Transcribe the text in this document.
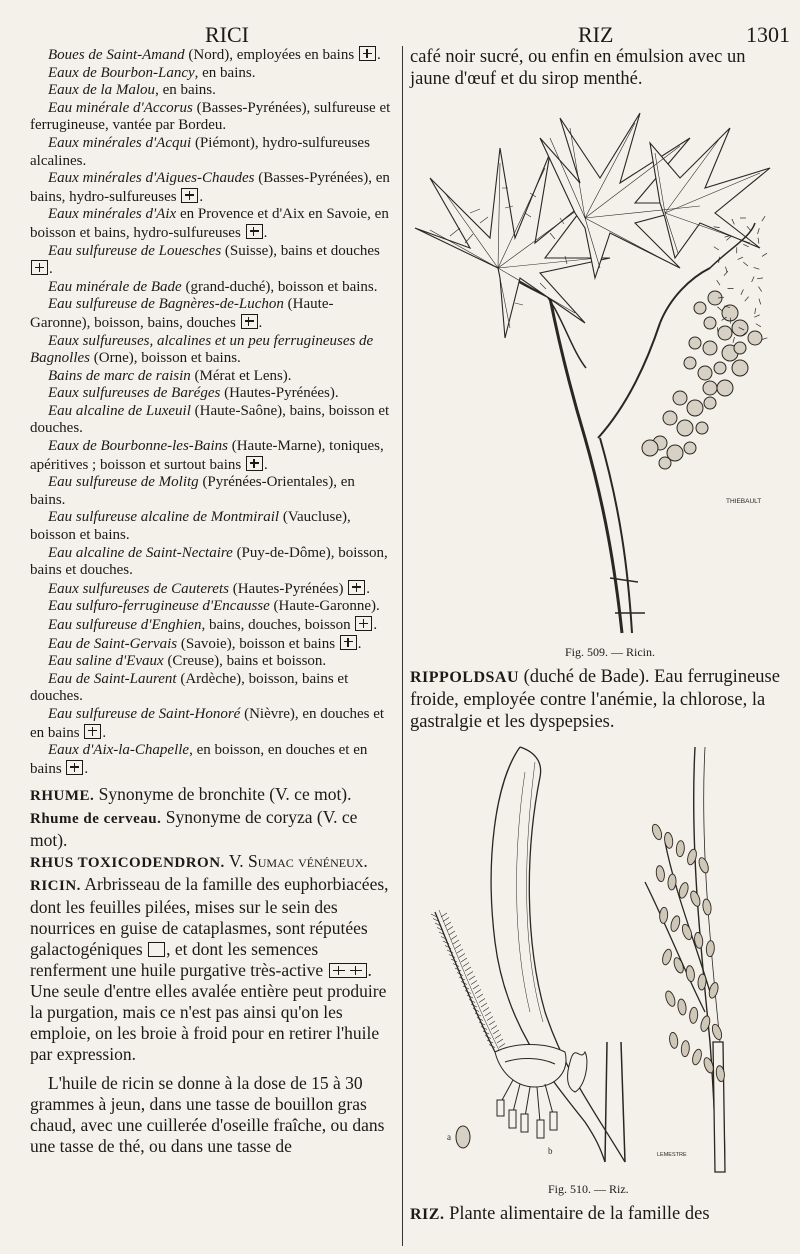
RICI	RIZ	1301

Boues de Saint-Amand (Nord), employées en bains .

Eaux de Bourbon-Lancy, en bains.

Eaux de la Malou, en bains.

Eau minérale d'Accorus (Basses-Pyrénées), sulfureuse et ferrugineuse, vantée par Bordeu.

Eaux minérales d'Acqui (Piémont), hydro-sulfureuses alcalines.

Eaux minérales d'Aigues-Chaudes (Basses-Pyrénées), en bains, hydro-sulfureuses .

Eaux minérales d'Aix en Provence et d'Aix en Savoie, en boisson et bains, hydro-sulfureuses .

Eau sulfureuse de Louesches (Suisse), bains et douches .

Eau minérale de Bade (grand-duché), boisson et bains.

Eau sulfureuse de Bagnères-de-Luchon (Haute-Garonne), boisson, bains, douches .

Eaux sulfureuses, alcalines et un peu ferrugineuses de Bagnolles (Orne), boisson et bains.

Bains de marc de raisin (Mérat et Lens).

Eaux sulfureuses de Baréges (Hautes-Pyrénées).

Eau alcaline de Luxeuil (Haute-Saône), bains, boisson et douches.

Eaux de Bourbonne-les-Bains (Haute-Marne), toniques, apéritives ; boisson et surtout bains .

Eau sulfureuse de Molitg (Pyrénées-Orientales), en bains.

Eau sulfureuse alcaline de Montmirail (Vaucluse), boisson et bains.

Eau alcaline de Saint-Nectaire (Puy-de-Dôme), boisson, bains et douches.

Eaux sulfureuses de Cauterets (Hautes-Pyrénées) .

Eau sulfuro-ferrugineuse d'Encausse (Haute-Garonne).

Eau sulfureuse d'Enghien, bains, douches, boisson .

Eau de Saint-Gervais (Savoie), boisson et bains .

Eau saline d'Evaux (Creuse), bains et boisson.

Eau de Saint-Laurent (Ardèche), boisson, bains et douches.

Eau sulfureuse de Saint-Honoré (Nièvre), en douches et en bains .

Eaux d'Aix-la-Chapelle, en boisson, en douches et en bains .

RHUME. Synonyme de bronchite (V. ce mot).

Rhume de cerveau. Synonyme de coryza (V. ce mot).

RHUS TOXICODENDRON. V. Sumac vénéneux.

RICIN. Arbrisseau de la famille des euphorbiacées, dont les feuilles pilées, mises sur le sein des nourrices en guise de cataplasmes, sont réputées galactogéniques , et dont les semences renferment une huile purgative très-active	. Une seule d'entre elles avalée entière peut produire la purgation, mais ce n'est pas ainsi qu'on les emploie, on les broie à froid pour en retirer l'huile par expression.

L'huile de ricin se donne à la dose de 15 à 30 grammes à jeun, dans une tasse de bouillon gras chaud, avec une cuillerée d'oseille fraîche, ou dans une tasse de thé, ou dans une tasse de

café noir sucré, ou enfin en émulsion avec un jaune d'œuf et du sirop menthé.

THIEBAULT
Fig. 509. — Ricin.

RIPPOLDSAU (duché de Bade). Eau ferrugineuse froide, employée contre l'anémie, la chlorose, la gastralgie et les dyspepsies.

a
b	LEMESTRE
Fig. 510. — Riz.

RIZ. Plante alimentaire de la famille des
